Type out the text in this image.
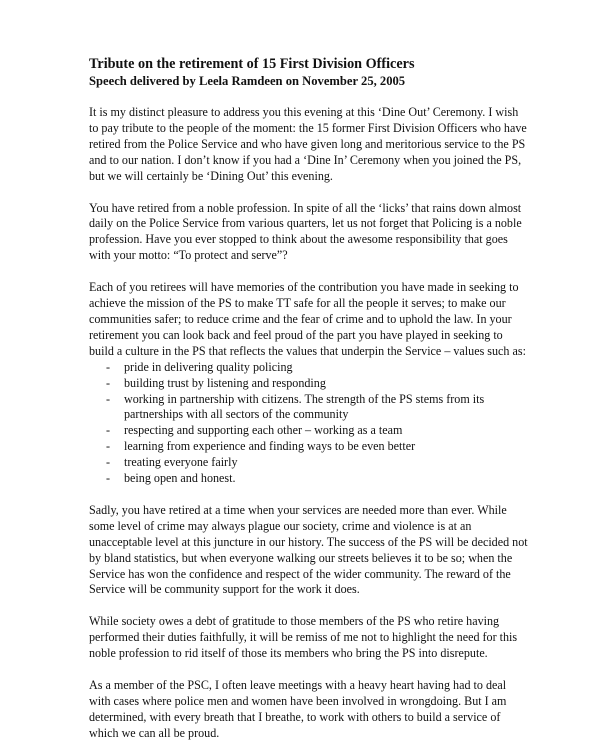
Tribute on the retirement of 15 First Division Officers
Speech delivered by Leela Ramdeen on November 25, 2005

It is my distinct pleasure to address you this evening at this ‘Dine Out’ Ceremony. I wish to pay tribute to the people of the moment: the 15 former First Division Officers who have retired from the Police Service and who have given long and meritorious service to the PS and to our nation. I don’t know if you had a ‘Dine In’ Ceremony when you joined the PS, but we will certainly be ‘Dining Out’ this evening.

You have retired from a noble profession. In spite of all the ‘licks’ that rains down almost daily on the Police Service from various quarters, let us not forget that Policing is a noble profession. Have you ever stopped to think about the awesome responsibility that goes with your motto: “To protect and serve”?

Each of you retirees will have memories of the contribution you have made in seeking to achieve the mission of the PS to make TT safe for all the people it serves; to make our communities safer; to reduce crime and the fear of crime and to uphold the law. In your retirement you can look back and feel proud of the part you have played in seeking to build a culture in the PS that reflects the values that underpin the Service – values such as:

- pride in delivering quality policing
- building trust by listening and responding
- working in partnership with citizens. The strength of the PS stems from its partnerships with all sectors of the community
- respecting and supporting each other – working as a team
- learning from experience and finding ways to be even better
- treating everyone fairly
- being open and honest.

Sadly, you have retired at a time when your services are needed more than ever. While some level of crime may always plague our society, crime and violence is at an unacceptable level at this juncture in our history. The success of the PS will be decided not by bland statistics, but when everyone walking our streets believes it to be so; when the Service has won the confidence and respect of the wider community. The reward of the Service will be community support for the work it does.

While society owes a debt of gratitude to those members of the PS who retire having performed their duties faithfully, it will be remiss of me not to highlight the need for this noble profession to rid itself of those its members who bring the PS into disrepute.

As a member of the PSC, I often leave meetings with a heavy heart having had to deal with cases where police men and women have been involved in wrongdoing. But I am determined, with every breath that I breathe, to work with others to build a service of which we can all be proud.
